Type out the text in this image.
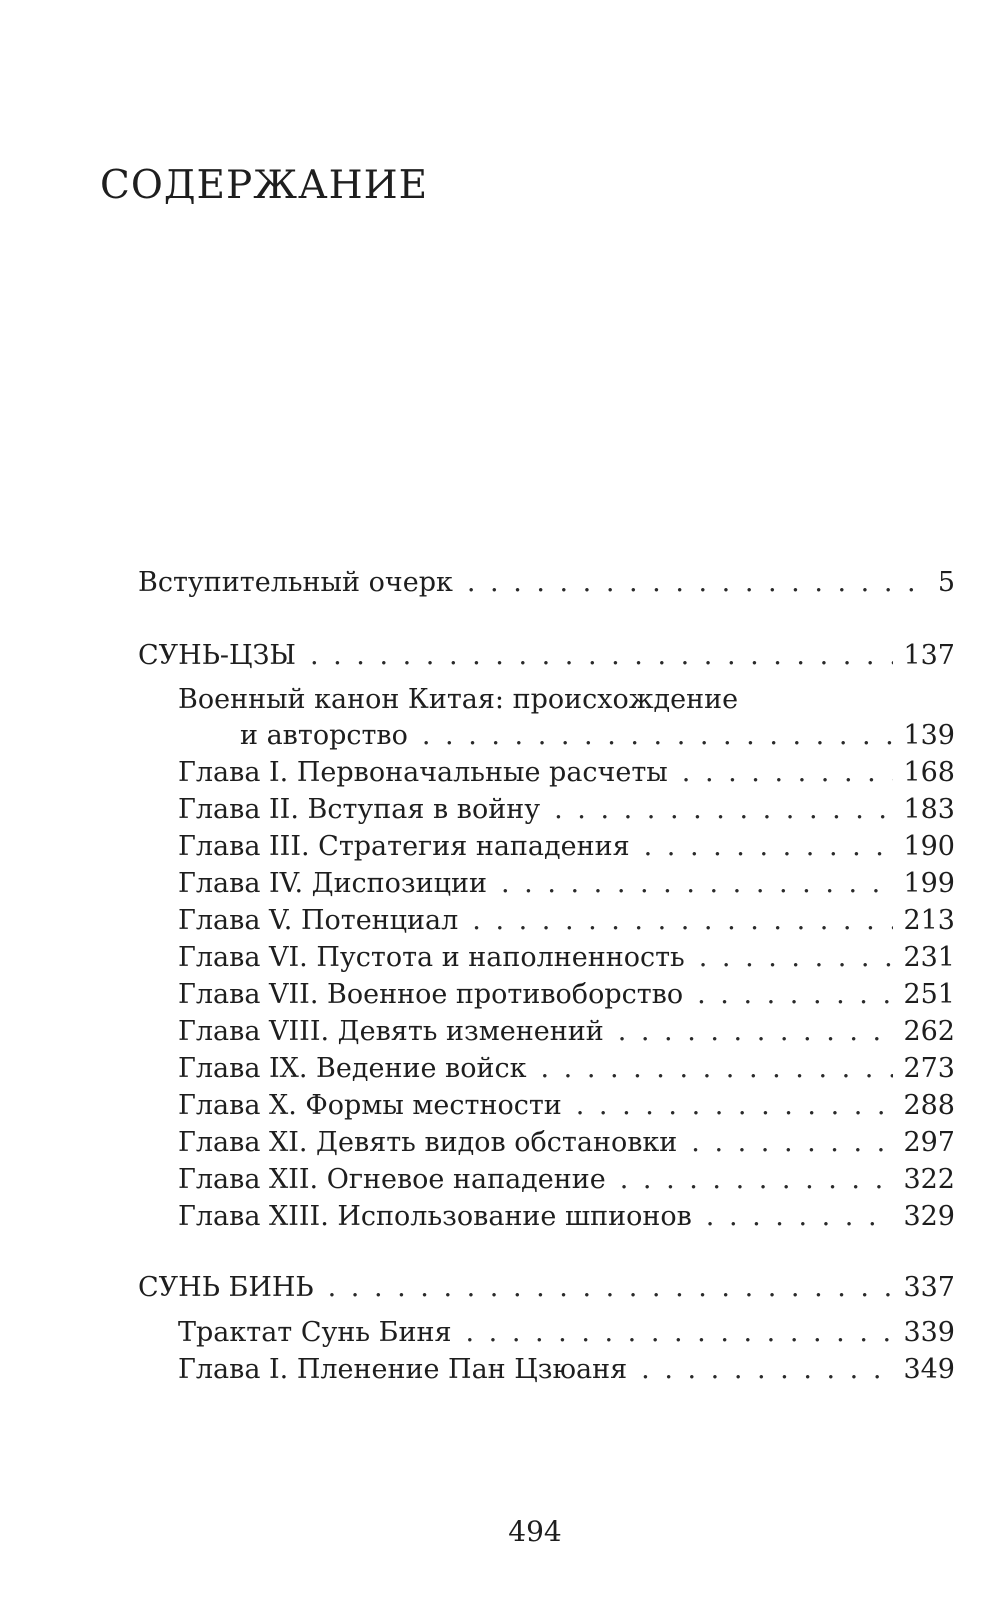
СОДЕРЖАНИЕ
Вступительный очерк . . .	5
СУНЬ-ЦЗЫ . . .	137
Военный канон Китая: происхождение
и авторство . . .	139
Глава I. Первоначальные расчеты . . .	168
Глава II. Вступая в войну . . .	183
Глава III. Стратегия нападения . . .	190
Глава IV. Диспозиции . . .	199
Глава V. Потенциал . . .	213
Глава VI. Пустота и наполненность . . .	231
Глава VII. Военное противоборство . . .	251
Глава VIII. Девять изменений . . .	262
Глава IX. Ведение войск . . .	273
Глава X. Формы местности . . .	288
Глава XI. Девять видов обстановки . . .	297
Глава XII. Огневое нападение . . .	322
Глава XIII. Использование шпионов . . .	329
СУНЬ БИНЬ . . .	337
Трактат Сунь Биня . . .	339
Глава I. Пленение Пан Цзюаня . . .	349
494
